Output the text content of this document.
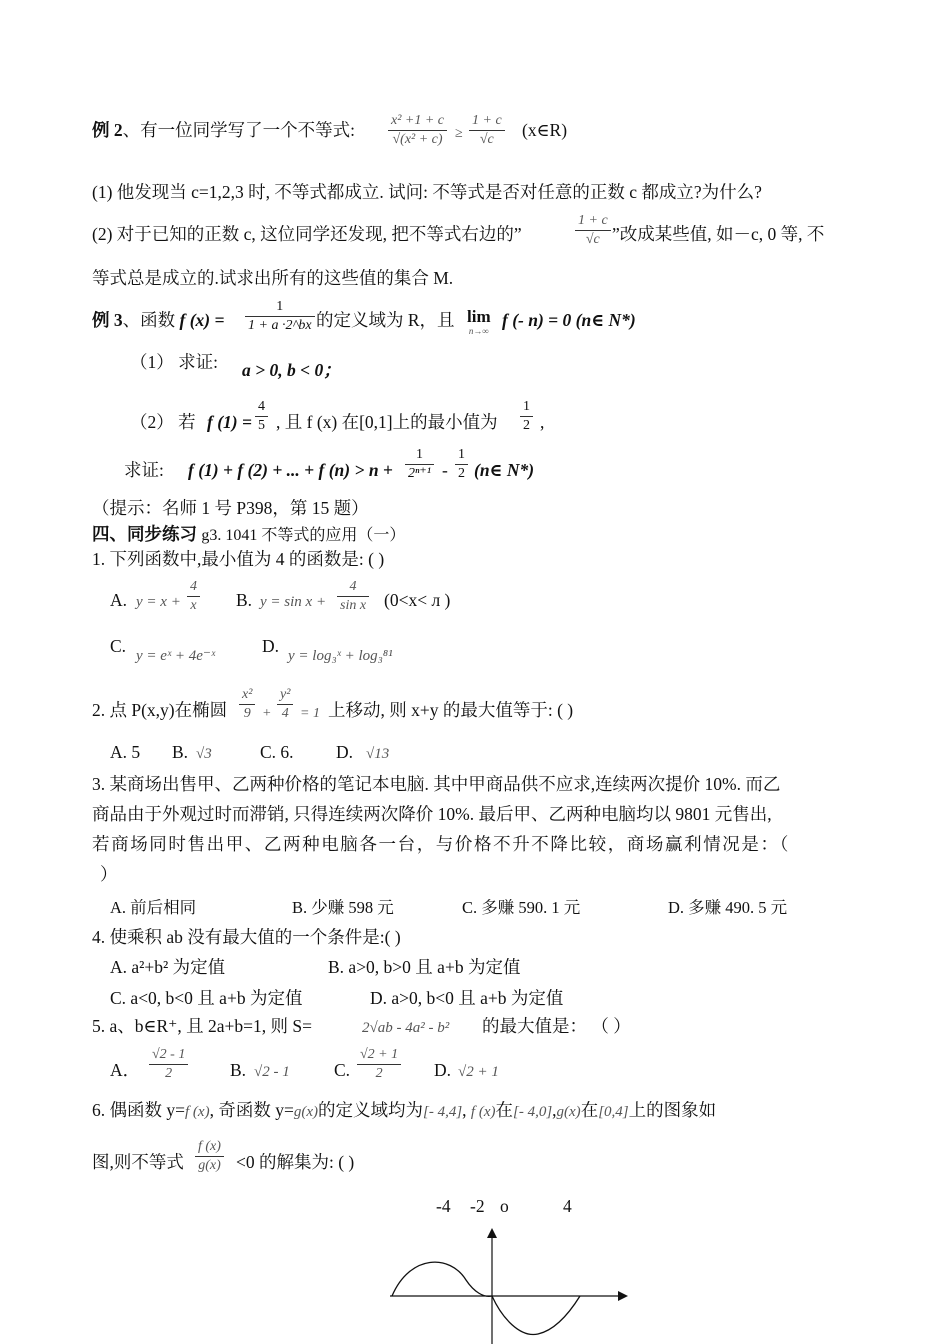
例 2、有一位同学写了一个不等式: $\frac{\text{x² +1 + c}}{\text{√(x² + c)}} \ge \frac{1 + c}{√c}$ (x∈R)
(1) 他发现当 c=1,2,3 时, 不等式都成立. 试问: 不等式是否对任意的正数 c 都成立?为什么?
(2) 对于已知的正数 c, 这位同学还发现, 把不等式右边的”	$\frac{1 + c}{√c}$ ”改成某些值, 如－c, 0 等, 不
等式总是成立的.试求出所有的这些值的集合 M.
例 3、函数 f $(x) = \frac{1}{1 + a \cdot 2\^{}bx}$ 的定义域为 R，且 lim
n→∞
f (- n) = 0 (n∈ N*)
（1） 求证: a > 0, b < 0；
（2） 若 f $(1) = \frac{4}{5}$ , 且 f (x) 在[0,1]上的最小值为 $\frac{1}{2}$ ,
求证: f (1) + f (2) + ... + f $(n) > n + \frac{1}{\text{2ⁿ⁺¹}} - \frac{1}{2}$ (n∈ N*)
（提示：名师 1 号 P398，第 15 题）
四、同步练习 g3. 1041 不等式的应用（一）
1. 下列函数中,最小值为 4 的函数是: ( )
A. $y = x + \frac{4}{x} B$. $y = \sin x + \frac{4}{\text{sin x}} (0<x< л$ )
C. y = eˣ + 4e⁻ˣ	D. y = log₃ˣ + log₃⁸¹
2. 点 P(x,y)在椭圆 $\frac{\text{x²}}{9} + \frac{\text{y²}}{4} = 1$ 上移动, 则 x+y 的最大值等于: ( )
A. 5 B. √3	C. 6. D. √13
3. 某商场出售甲、乙两种价格的笔记本电脑. 其中甲商品供不应求,连续两次提价 10%. 而乙
商品由于外观过时而滞销, 只得连续两次降价 10%. 最后甲、乙两种电脑均以 9801 元售出,
若商场同时售出甲、乙两种电脑各一台，与价格不升不降比较，商场赢利情况是：（
）
A. 前后相同	B. 少赚 598 元	C. 多赚 590. 1 元	D. 多赚 490. 5 元
4. 使乘积 ab 没有最大值的一个条件是:( )
A. a²+b² 为定值	B. a>0, b>0 且 a+b 为定值
C. a<0, b<0 且 a+b 为定值	D. a>0, b<0 且 a+b 为定值
5. a、b∈R⁺, 且 2a+b=1, 则 S=	2√ab - 4a² - b² 的最大值是： （ ）
A． $\frac{√2 - 1}{2} B$. √2 - 1	C. $\frac{√2 + 1}{2} D$. √2 + 1
6. 偶函数 y=f (x), 奇函数 y=g(x)的定义域均为[- 4,4], f (x)在[- 4,0],g(x)在[0,4]上的图象如
图,则不等式 $\frac{f (x)}{g(x)} <0$ 的解集为: ( )
-4 -2 o	4
